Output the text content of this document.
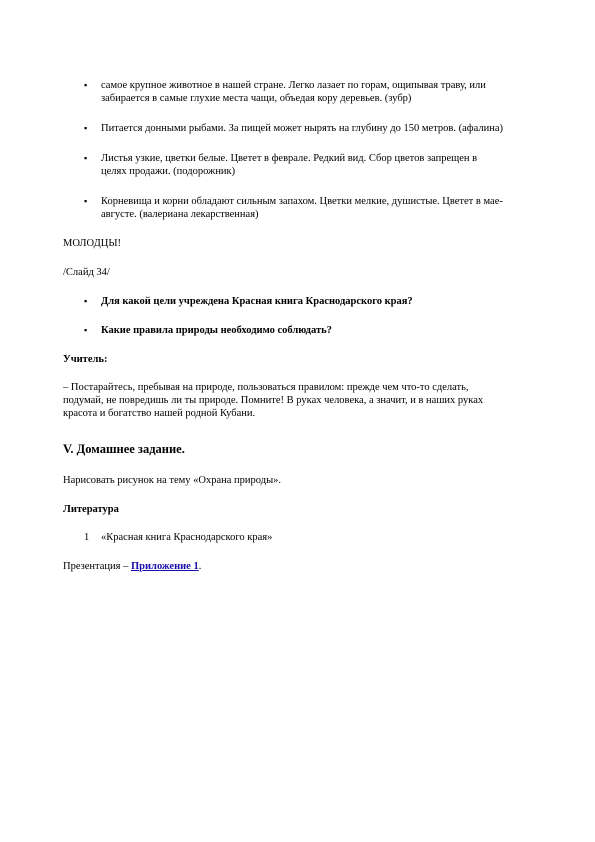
▪ самое крупное животное в нашей стране. Легко лазает по горам, ощипывая траву, или
забирается в самые глухие места чащи, объедая кору деревьев. (зубр)
▪ Питается донными рыбами. За пищей может нырять на глубину до 150 метров. (афалина)
▪ Листья узкие, цветки белые. Цветет в феврале. Редкий вид. Сбор цветов запрещен в
целях продажи. (подорожник)
▪ Корневища и корни обладают сильным запахом. Цветки мелкие, душистые. Цветет в мае-
августе. (валериана лекарственная)

МОЛОДЦЫ!

/Слайд 34/

▪ Для какой цели учреждена Красная книга Краснодарского края?
▪ Какие правила природы необходимо соблюдать?

Учитель:

– Постарайтесь, пребывая на природе, пользоваться правилом: прежде чем что-то сделать,
подумай, не повредишь ли ты природе. Помните! В руках человека, а значит, и в наших руках
красота и богатство нашей родной Кубани.

V. Домашнее задание.

Нарисовать рисунок на тему «Охрана природы».

Литература

1 «Красная книга Краснодарского края»

Презентация – Приложение 1.
